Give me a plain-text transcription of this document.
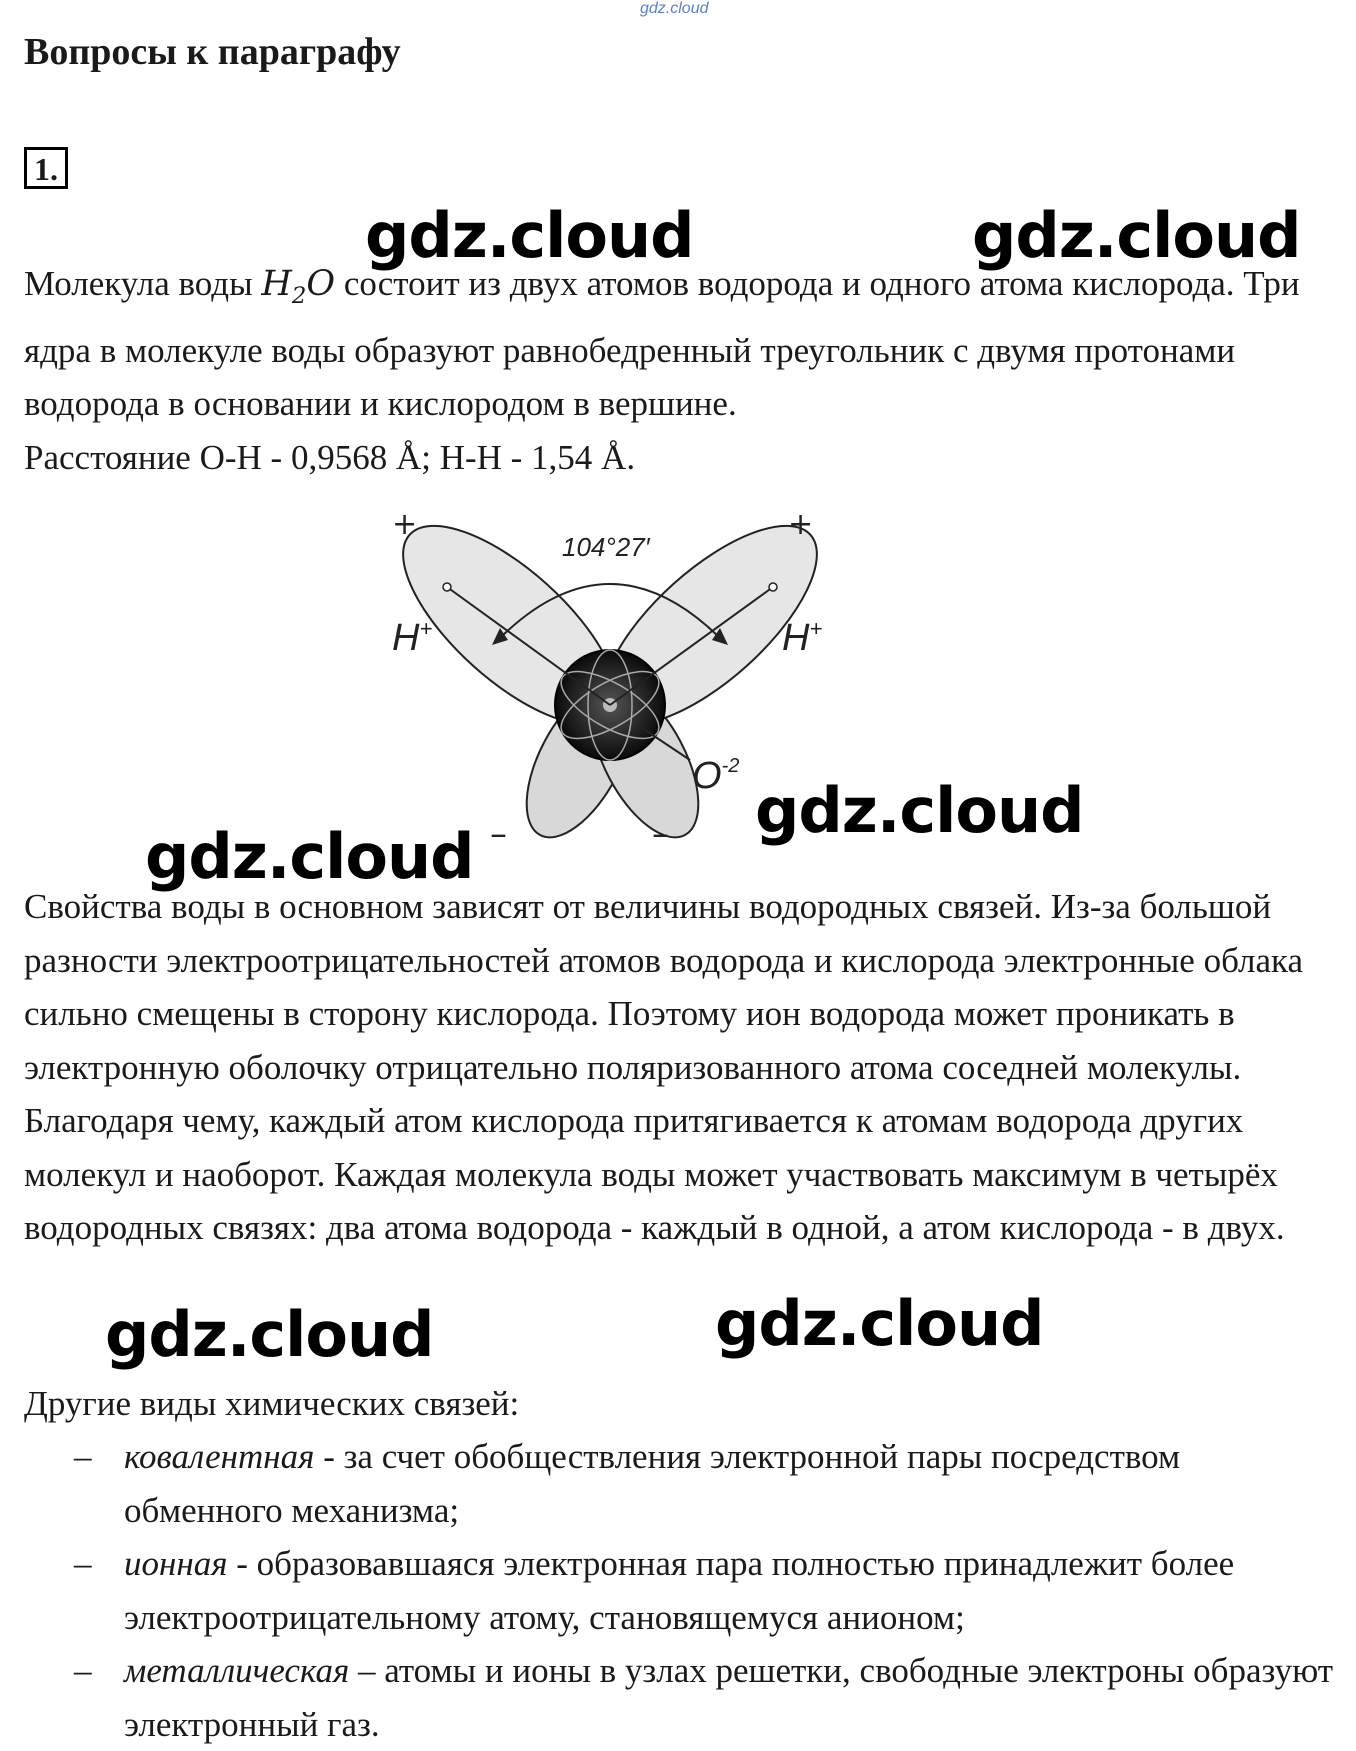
gdz.cloud
Вопросы к параграфу
1.

Молекула воды $H_2O$ состоит из двух атомов водорода и одного атома кислорода. Три ядра в молекуле воды образуют равнобедренный треугольник с двумя протонами водорода в основании и кислородом в вершине.
Расстояние O-H - 0,9568 Å; H-H - 1,54 Å.

104°27′
+	+
H+	H+
$O^{-2}$
–	–

Свойства воды в основном зависят от величины водородных связей. Из-за большой разности электроотрицательностей атомов водорода и кислорода электронные облака сильно смещены в сторону кислорода. Поэтому ион водорода может проникать в электронную оболочку отрицательно поляризованного атома соседней молекулы. Благодаря чему, каждый атом кислорода притягивается к атомам водорода других молекул и наоборот. Каждая молекула воды может участвовать максимум в четырёх водородных связях: два атома водорода - каждый в одной, а атом кислорода - в двух.

Другие виды химических связей:

– ковалентная - за счет обобществления электронной пары посредством обменного механизма;
– ионная - образовавшаяся электронная пара полностью принадлежит более электроотрицательному атому, становящемуся анионом;
– металлическая – атомы и ионы в узлах решетки, свободные электроны образуют электронный газ.
gdz.cloud	gdz.cloud
gdz.cloud
gdz.cloud
gdz.cloud	gdz.cloud
